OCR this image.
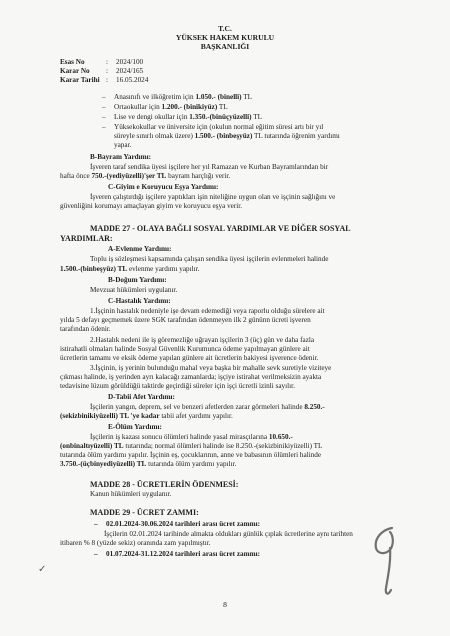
T.C.
YÜKSEK HAKEM KURULU
BAŞKANLIĞI
Esas No	: 2024/100
Karar No : 2024/165
Karar Tarihi : 16.05.2024
– Anasınıfı ve ilköğretim için 1.050.- (binelli) TL
– Ortaokullar için 1.200.- (binikiyüz) TL
– Lise ve dengi okullar için 1.350.-(binüçyüzelli) TL
– Yüksekokullar ve üniversite için (okulun normal eğitim süresi artı bir yıl
süreyle sınırlı olmak üzere) 1.500.- (binbeşyüz) TL tutarında öğrenim yardımı
yapar.
B-Bayram Yardımı:
İşveren taraf sendika üyesi işçilere her yıl Ramazan ve Kurban Bayramlarından bir
hafta önce 750.-(yediyüzelli)'şer TL bayram harçlığı verir.
C-Giyim e Koruyucu Eşya Yardımı:
İşveren çalıştırdığı işçilere yaptıkları işin niteliğine uygun olan ve işçinin sağlığını ve
güvenliğini korumayı amaçlayan giyim ve koruyucu eşya verir.
MADDE 27 - OLAYA BAĞLI SOSYAL YARDIMLAR VE DİĞER SOSYAL
YARDIMLAR:
A-Evlenme Yardımı:
Toplu iş sözleşmesi kapsamında çalışan sendika üyesi işçilerin evlenmeleri halinde
1.500.-(binbeşyüz) TL evlenme yardımı yapılır.
B-Doğum Yardımı:
Mevzuat hükümleri uygulanır.
C-Hastalık Yardımı:
1.İşçinin hastalık nedeniyle işe devam edemediği veya raporlu olduğu sürelere ait
yılda 5 defayı geçmemek üzere SGK tarafından ödenmeyen ilk 2 gününn ücreti işveren
tarafından ödenir.
2.Hastalık nedeni ile iş göremezliğe uğrayan işçilerin 3 (üç) gün ve daha fazla
istirahatli olmaları halinde Sosyal Güvenlik Kurumunca ödeme yapılmayan günlere ait
ücretlerin tamamı ve eksik ödeme yapılan günlere ait ücretlerin bakiyesi işverence ödenir.
3.İşçinin, iş yerinin bulunduğu mahal veya başka bir mahalle sevk suretiyle viziteye
çıkması halinde, iş yerinden ayrı kalacağı zamanlarda; işçiye istirahat verilmeksizin ayakta
tedavisine lüzum görüldüğü taktirde geçirdiği süreler için işçi ücretli izinli sayılır.
D-Tabii Afet Yardımı:
İşçilerin yangın, deprem, sel ve benzeri afetlerden zarar görmeleri halinde 8.250.-
(sekizbinikiyüzelli) TL 'ye kadar tabii afet yardımı yapılır.
E-Ölüm Yardımı:
İşçilerin iş kazası sonucu ölümleri halinde yasal mirasçılarına 10.650.-
(onbinaltıyüzelli) TL tutarında; normal ölümleri halinde ise 8.250.-(sekizbinikiyüzelli) TL
tutarında ölüm yardımı yapılır. İşçinin eş, çocuklarının, anne ve babasının ölümleri halinde
3.750.-(üçbinyediyüzelli) TL tutarında ölüm yardımı yapılır.
MADDE 28 - ÜCRETLERİN ÖDENMESİ:
Kanun hükümleri uygulanır.
MADDE 29 - ÜCRET ZAMMI:
– 02.01.2024-30.06.2024 tarihleri arası ücret zammı:
İşçilerin 02.01.2024 tarihinde almakta oldukları günlük çıplak ücretlerine aynı tarihten
itibaren % 8 (yüzde sekiz) oranında zam yapılmıştır.
– 01.07.2024-31.12.2024 tarihleri arası ücret zammı:
✓
8
